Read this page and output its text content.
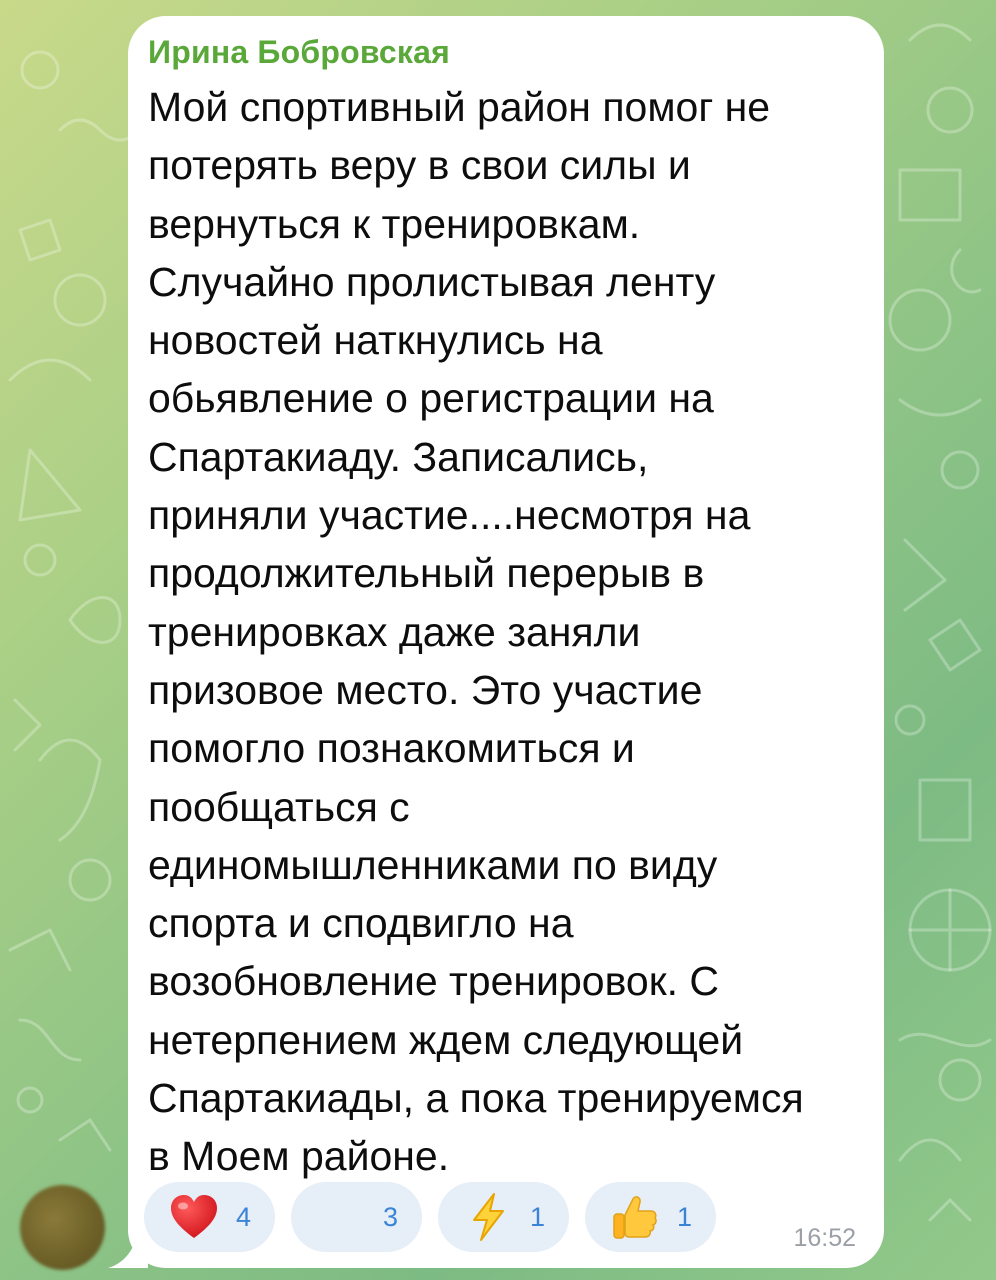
Ирина Бобровская

Мой спортивный район помог не
потерять веру в свои силы и
вернуться к тренировкам.
Случайно пролистывая ленту
новостей наткнулись на
обьявление о регистрации на
Спартакиаду. Записались,
приняли участие....несмотря на
продолжительный перерыв в
тренировках даже заняли
призовое место. Это участие
помогло познакомиться и
пообщаться с
единомышленниками по виду
спорта и сподвигло на
возобновление тренировок. С
нетерпением ждем следующей
Спартакиады, а пока тренируемся
в Моем районе.

4	3	1	1
16:52
